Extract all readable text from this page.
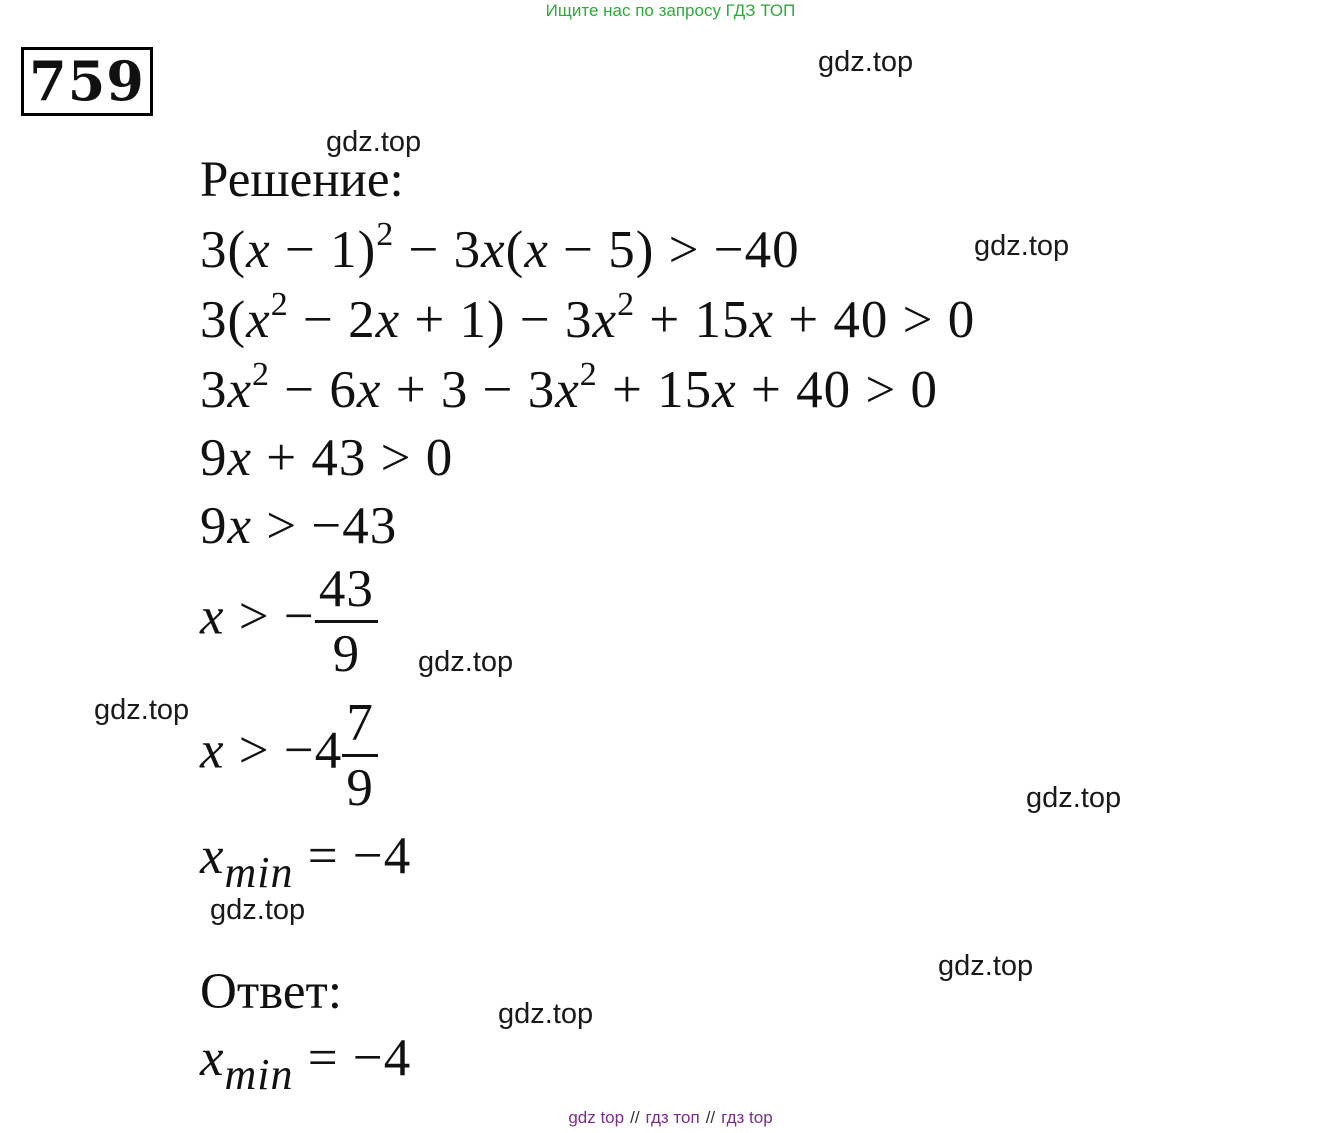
Ищите нас по запросу ГДЗ ТОП
759	gdz.top
gdz.top
gdz.top
gdz.top
gdz.top
gdz.top
gdz.top
gdz.top
gdz.top
Решение:
$3(x - 1)^2 - 3x(x - 5) > -40$
$3(x^2 - 2x + 1) - 3x^2 + 15x + 40 > 0$
$3x^2 - 6x + 3 - 3x^2 + 15x + 40 > 0$
9x + 43 > 0
9x > −43
x > − $\frac{43}{9}$
$x > -4 \frac{7}{9}$
$x_{min} = -4$
Ответ:
$x_{min} = -4$
gdz top // гдз топ // гдз top
